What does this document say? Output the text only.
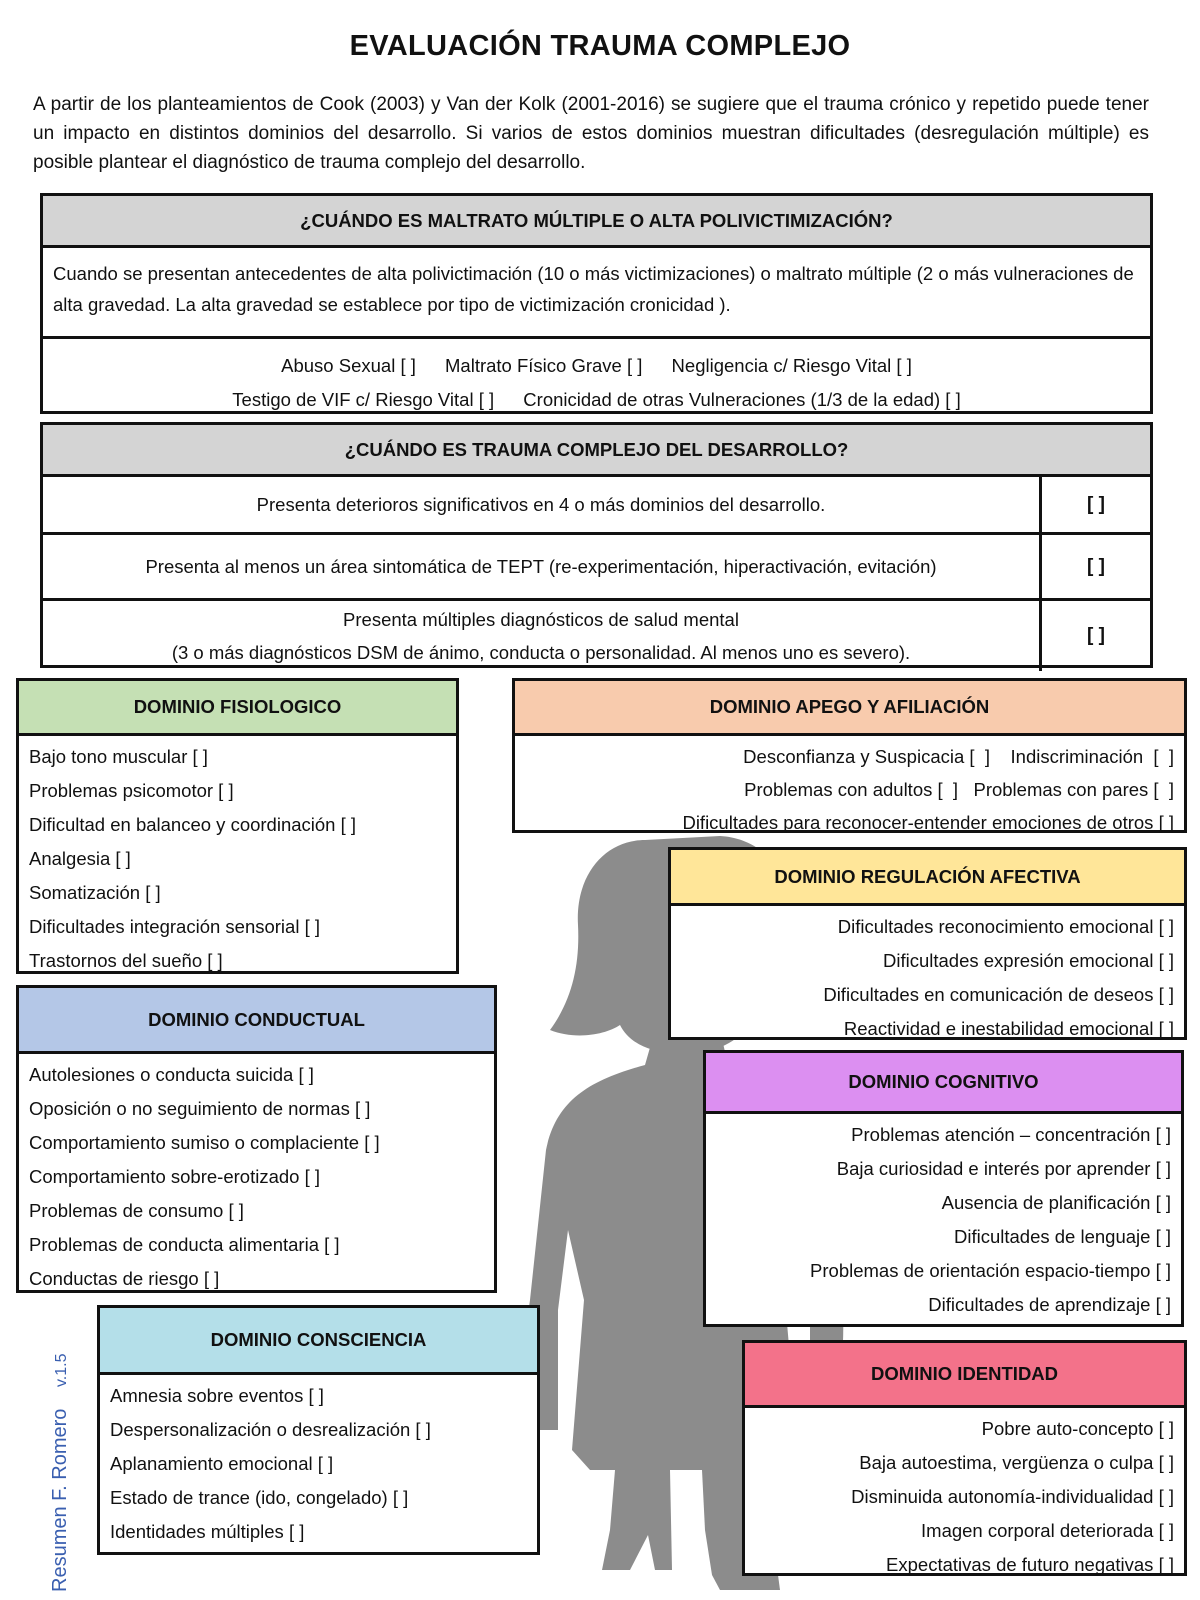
EVALUACIÓN TRAUMA COMPLEJO
A partir de los planteamientos de Cook (2003) y Van der Kolk (2001-2016) se sugiere que el trauma crónico y repetido puede tener un impacto en distintos dominios del desarrollo. Si varios de estos dominios muestran dificultades (desregulación múltiple) es posible plantear el diagnóstico de trauma complejo del desarrollo.
¿CUÁNDO ES MALTRATO MÚLTIPLE O ALTA POLIVICTIMIZACIÓN?
Cuando se presentan antecedentes de alta polivictimación (10 o más victimizaciones) o maltrato múltiple (2 o más vulneraciones de alta gravedad. La alta gravedad se establece por tipo de victimización cronicidad ).
Abuso Sexual [ ] Maltrato Físico Grave [ ] Negligencia c/ Riesgo Vital [ ]
Testigo de VIF c/ Riesgo Vital [ ] Cronicidad de otras Vulneraciones (1/3 de la edad) [ ]
¿CUÁNDO ES TRAUMA COMPLEJO DEL DESARROLLO?
Presenta deterioros significativos en 4 o más dominios del desarrollo.	[ ]
Presenta al menos un área sintomática de TEPT (re-experimentación, hiperactivación, evitación)	[ ]
Presenta múltiples diagnósticos de salud mental
(3 o más diagnósticos DSM de ánimo, conducta o personalidad. Al menos uno es severo).
[ ]
DOMINIO FISIOLOGICO
Bajo tono muscular [ ]
Problemas psicomotor [ ]
Dificultad en balanceo y coordinación [ ]
Analgesia [ ]
Somatización [ ]
Dificultades integración sensorial [ ]
Trastornos del sueño [ ]
DOMINIO APEGO Y AFILIACIÓN
Desconfianza y Suspicacia [  ]    Indiscriminación  [  ]
Problemas con adultos [  ]   Problemas con pares [  ]
Dificultades para reconocer-entender emociones de otros [ ]
DOMINIO REGULACIÓN AFECTIVA
Dificultades reconocimiento emocional [ ]
Dificultades expresión emocional [ ]
Dificultades en comunicación de deseos [ ]
Reactividad e inestabilidad emocional [ ]
DOMINIO CONDUCTUAL
Autolesiones o conducta suicida [ ]
Oposición o no seguimiento de normas [ ]
Comportamiento sumiso o complaciente [ ]
Comportamiento sobre-erotizado [ ]
Problemas de consumo [ ]
Problemas de conducta alimentaria [ ]
Conductas de riesgo [ ]
DOMINIO COGNITIVO
Problemas atención – concentración [ ]
Baja curiosidad e interés por aprender [ ]
Ausencia de planificación [ ]
Dificultades de lenguaje [ ]
Problemas de orientación espacio-tiempo [ ]
Dificultades de aprendizaje [ ]
DOMINIO CONSCIENCIA
Amnesia sobre eventos [ ]
Despersonalización o desrealización [ ]
Aplanamiento emocional [ ]
Estado de trance (ido, congelado) [ ]
Identidades múltiples [ ]
DOMINIO IDENTIDAD
Pobre auto-concepto [ ]
Baja autoestima, vergüenza o culpa [ ]
Disminuida autonomía-individualidad [ ]
Imagen corporal deteriorada [ ]
Expectativas de futuro negativas [ ]
Resumen F. Romero v.1.5
